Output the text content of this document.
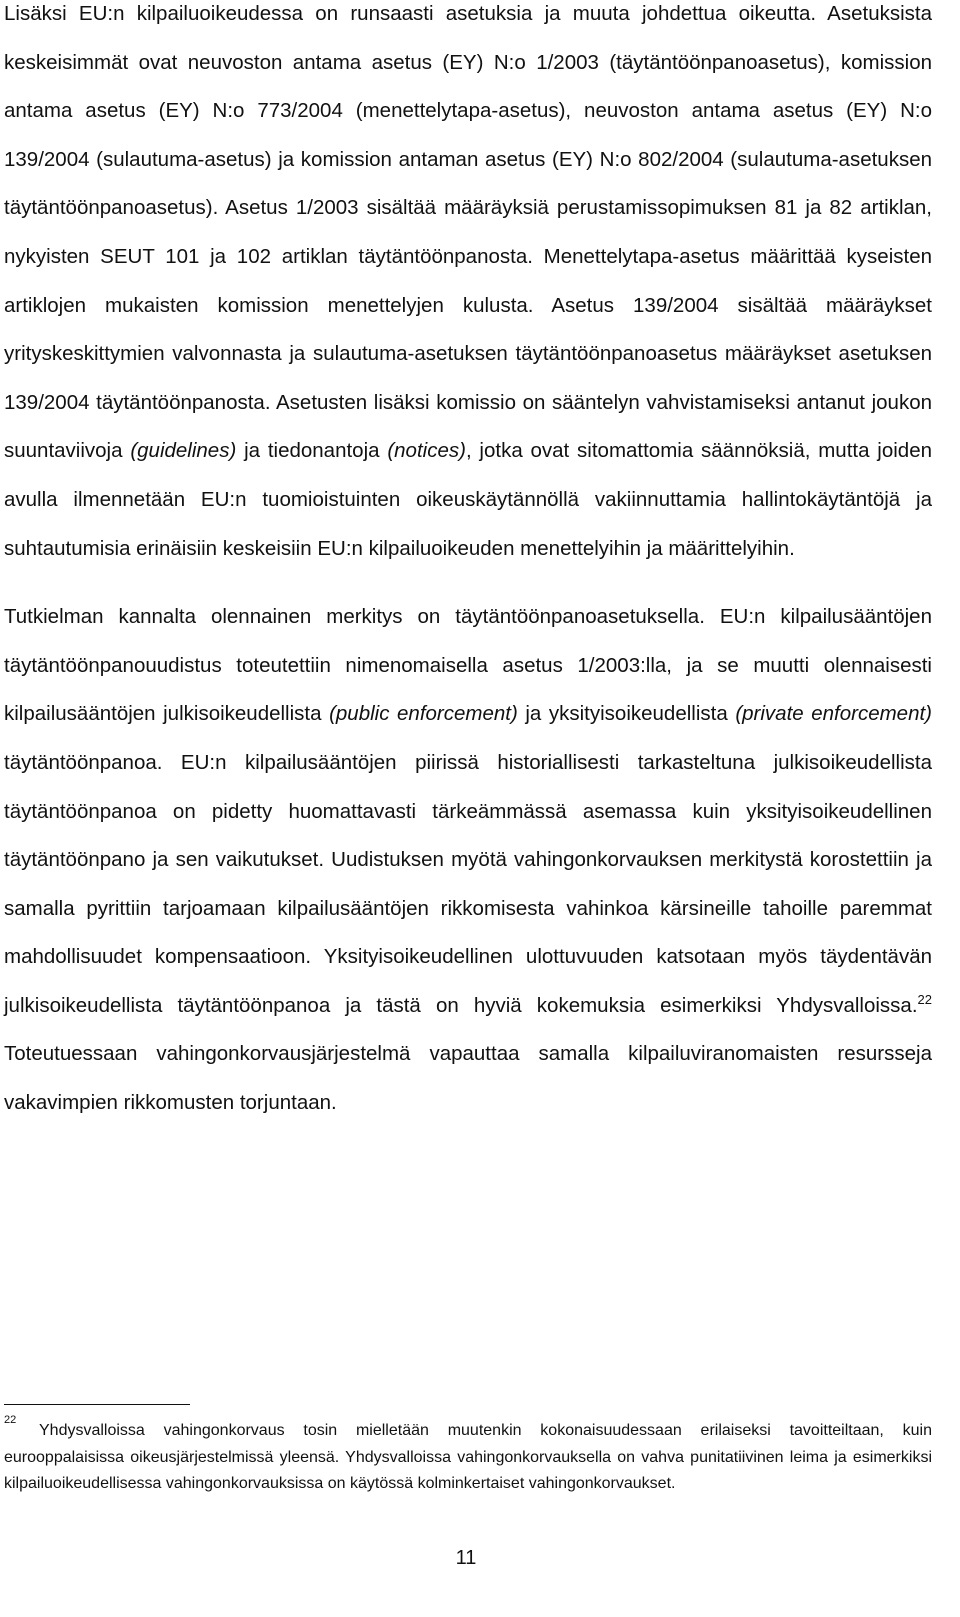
Lisäksi EU:n kilpailuoikeudessa on runsaasti asetuksia ja muuta johdettua oikeutta. Asetuksista keskeisimmät ovat neuvoston antama asetus (EY) N:o 1/2003 (täytäntöönpanoasetus), komission antama asetus (EY) N:o 773/2004 (menettelytapa-asetus), neuvoston antama asetus (EY) N:o 139/2004 (sulautuma-asetus) ja komission antaman asetus (EY) N:o 802/2004 (sulautuma-asetuksen täytäntöönpanoasetus). Asetus 1/2003 sisältää määräyksiä perustamissopimuksen 81 ja 82 artiklan, nykyisten SEUT 101 ja 102 artiklan täytäntöönpanosta. Menettelytapa-asetus määrittää kyseisten artiklojen mukaisten komission menettelyjen kulusta. Asetus 139/2004 sisältää määräykset yrityskeskittymien valvonnasta ja sulautuma-asetuksen täytäntöönpanoasetus määräykset asetuksen 139/2004 täytäntöönpanosta. Asetusten lisäksi komissio on sääntelyn vahvistamiseksi antanut joukon suuntaviivoja (guidelines) ja tiedonantoja (notices), jotka ovat sitomattomia säännöksiä, mutta joiden avulla ilmennetään EU:n tuomioistuinten oikeuskäytännöllä vakiinnuttamia hallintokäytäntöjä ja suhtautumisia erinäisiin keskeisiin EU:n kilpailuoikeuden menettelyihin ja määrittelyihin.

Tutkielman kannalta olennainen merkitys on täytäntöönpanoasetuksella. EU:n kilpailusääntöjen täytäntöönpanouudistus toteutettiin nimenomaisella asetus 1/2003:lla, ja se muutti olennaisesti kilpailusääntöjen julkisoikeudellista (public enforcement) ja yksityisoikeudellista (private enforcement) täytäntöönpanoa. EU:n kilpailusääntöjen piirissä historiallisesti tarkasteltuna julkisoikeudellista täytäntöönpanoa on pidetty huomattavasti tärkeämmässä asemassa kuin yksityisoikeudellinen täytäntöönpano ja sen vaikutukset. Uudistuksen myötä vahingonkorvauksen merkitystä korostettiin ja samalla pyrittiin tarjoamaan kilpailusääntöjen rikkomisesta vahinkoa kärsineille tahoille paremmat mahdollisuudet kompensaatioon. Yksityisoikeudellinen ulottuvuuden katsotaan myös täydentävän julkisoikeudellista täytäntöönpanoa ja tästä on hyviä kokemuksia esimerkiksi Yhdysvalloissa.$^{22}$ Toteutuessaan vahingonkorvausjärjestelmä vapauttaa samalla kilpailuviranomaisten resursseja vakavimpien rikkomusten torjuntaan.

22Yhdysvalloissa vahingonkorvaus tosin mielletään muutenkin kokonaisuudessaan erilaiseksi tavoitteiltaan, kuin eurooppalaisissa oikeusjärjestelmissä yleensä. Yhdysvalloissa vahingonkorvauksella on vahva punitatiivinen leima ja esimerkiksi kilpailuoikeudellisessa vahingonkorvauksissa on käytössä kolminkertaiset vahingonkorvaukset.

11
